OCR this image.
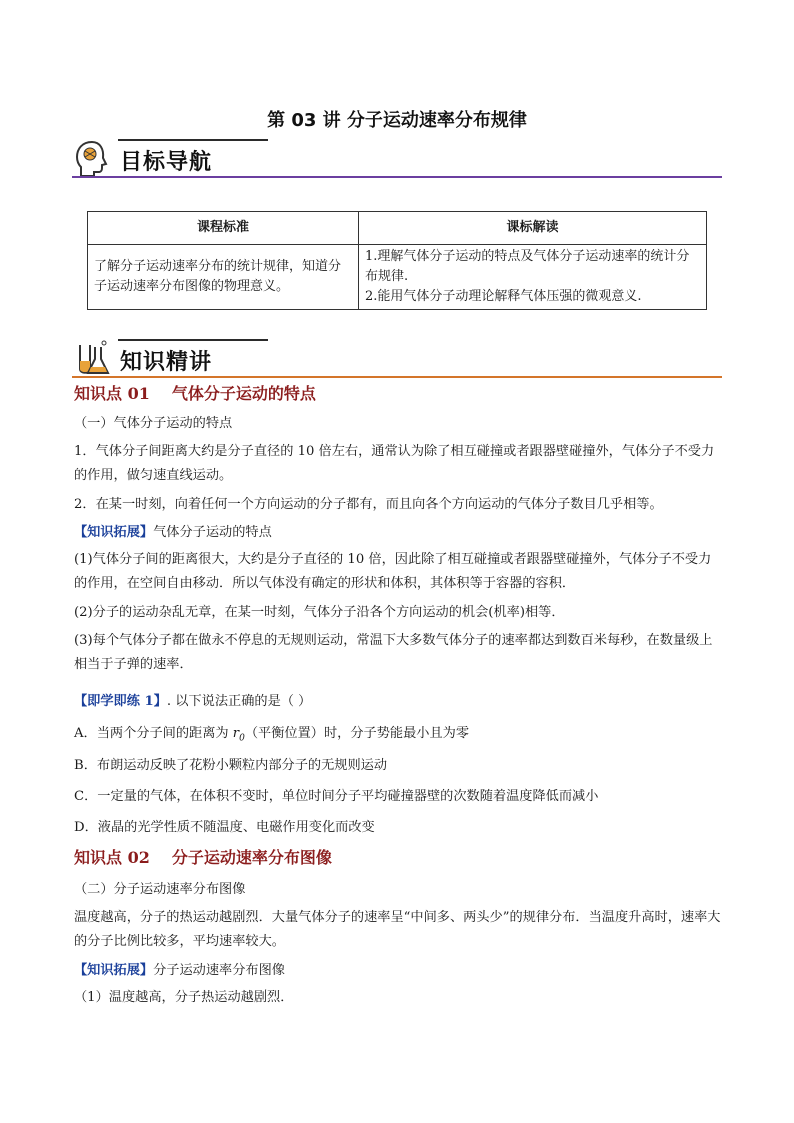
第 03 讲 分子运动速率分布规律
目标导航
课程标准	课标解读
了解分子运动速率分布的统计规律，知道分子运动速率分布图像的物理意义。	1.理解气体分子运动的特点及气体分子运动速率的统计分布规律.
2.能用气体分子动理论解释气体压强的微观意义.
知识精讲
知识点 01 气体分子运动的特点
（一）气体分子运动的特点
1．气体分子间距离大约是分子直径的 10 倍左右，通常认为除了相互碰撞或者跟器壁碰撞外，气体分子不受力的作用，做匀速直线运动。
2．在某一时刻，向着任何一个方向运动的分子都有，而且向各个方向运动的气体分子数目几乎相等。
【知识拓展】气体分子运动的特点
(1)气体分子间的距离很大，大约是分子直径的 10 倍，因此除了相互碰撞或者跟器壁碰撞外，气体分子不受力的作用，在空间自由移动．所以气体没有确定的形状和体积，其体积等于容器的容积．
(2)分子的运动杂乱无章，在某一时刻，气体分子沿各个方向运动的机会(机率)相等．
(3)每个气体分子都在做永不停息的无规则运动，常温下大多数气体分子的速率都达到数百米每秒，在数量级上相当于子弹的速率．
【即学即练 1】. 以下说法正确的是（ ）
A．当两个分子间的距离为 $r_0$（平衡位置）时，分子势能最小且为零
B．布朗运动反映了花粉小颗粒内部分子的无规则运动
C．一定量的气体，在体积不变时，单位时间分子平均碰撞器壁的次数随着温度降低而减小
D．液晶的光学性质不随温度、电磁作用变化而改变
知识点 02 分子运动速率分布图像
（二）分子运动速率分布图像
温度越高，分子的热运动越剧烈．大量气体分子的速率呈“中间多、两头少”的规律分布．当温度升高时，速率大的分子比例比较多，平均速率较大。
【知识拓展】分子运动速率分布图像
（1）温度越高，分子热运动越剧烈．
